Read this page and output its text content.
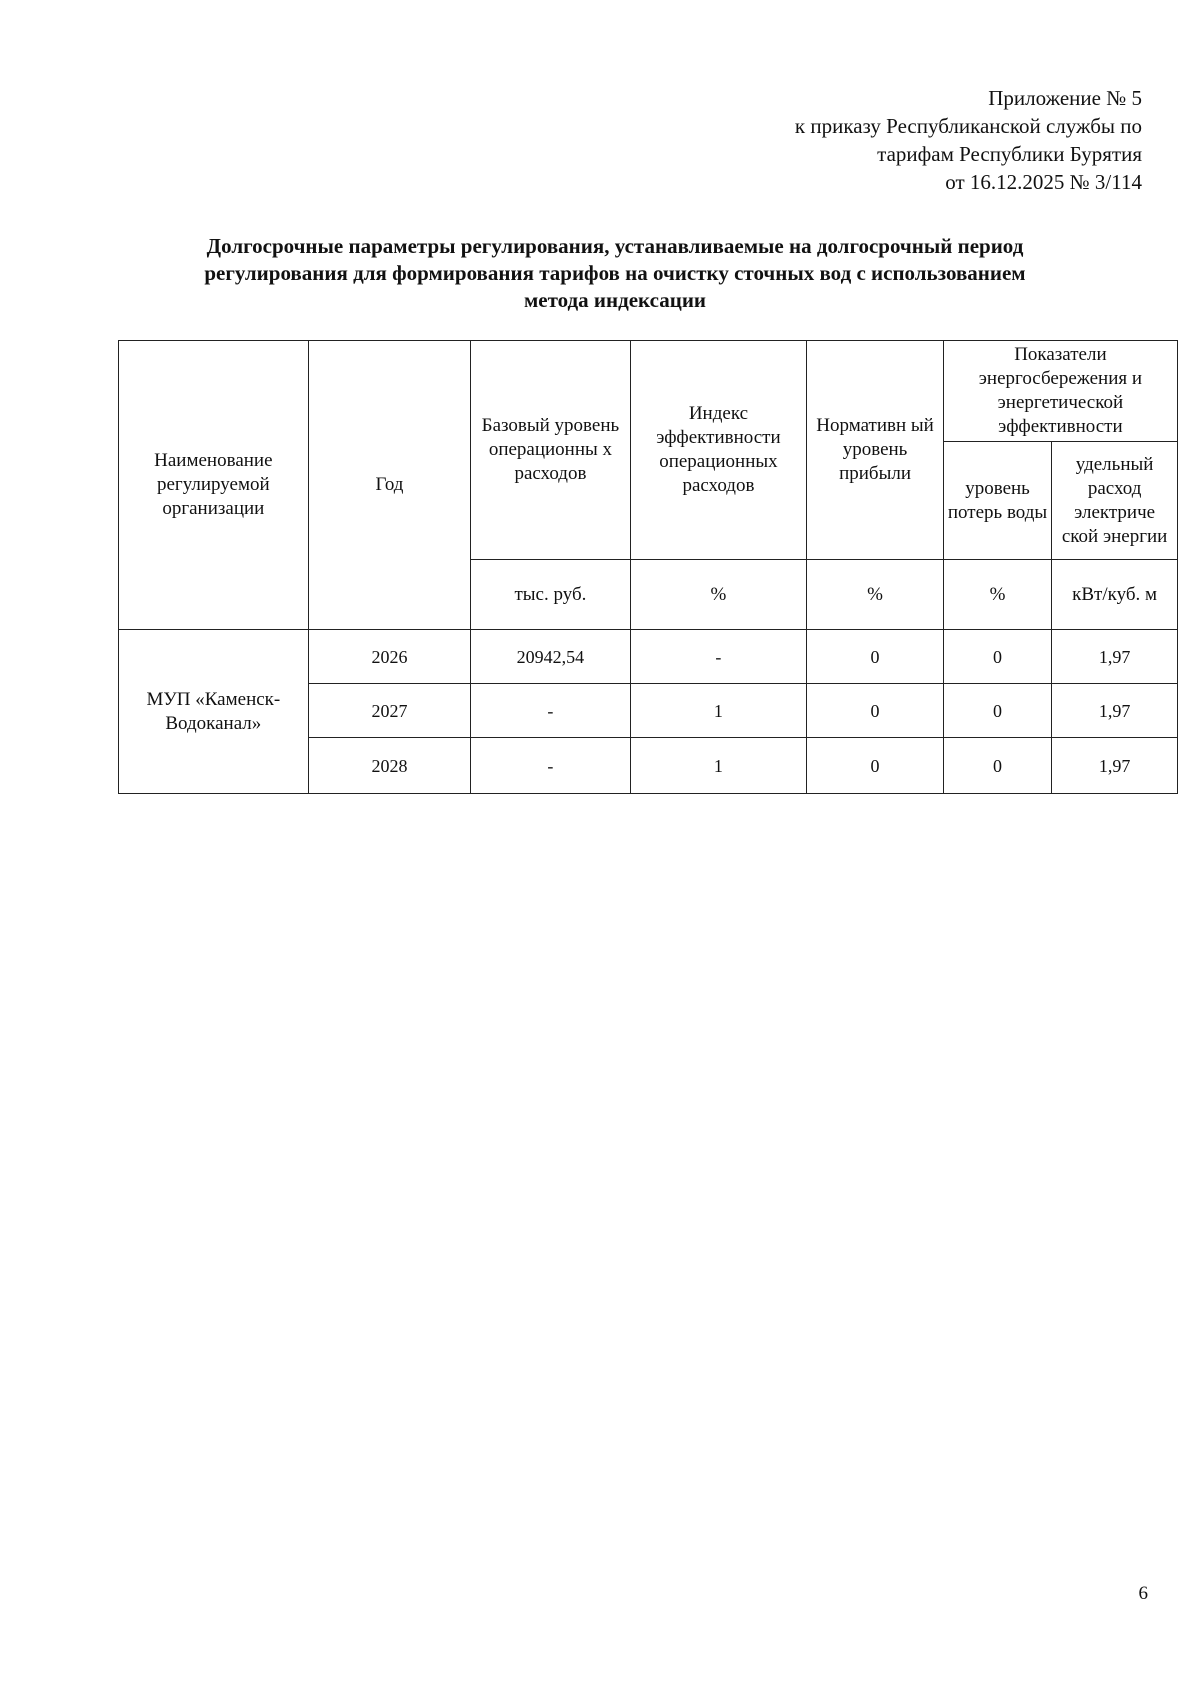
Приложение № 5
к приказу Республиканской службы по
тарифам Республики Бурятия
от 16.12.2025 № 3/114
Долгосрочные параметры регулирования, устанавливаемые на долгосрочный период
регулирования для формирования тарифов на очистку сточных вод с использованием
метода индексации
Наименование регулируемой организации	Год	Базовый уровень операционны х расходов	Индекс эффективности операционных расходов	Нормативн ый уровень прибыли	Показатели энергосбережения и энергетической эффективности	
					уровень потерь воды	удельный расход электриче ской энергии
		тыс. руб.	%	%	%	кВт/куб. м
МУП «Каменск-Водоканал»	2026	20942,54	-	0	0	1,97
	2027	-	1	0	0	1,97
	2028	-	1	0	0	1,97
6
